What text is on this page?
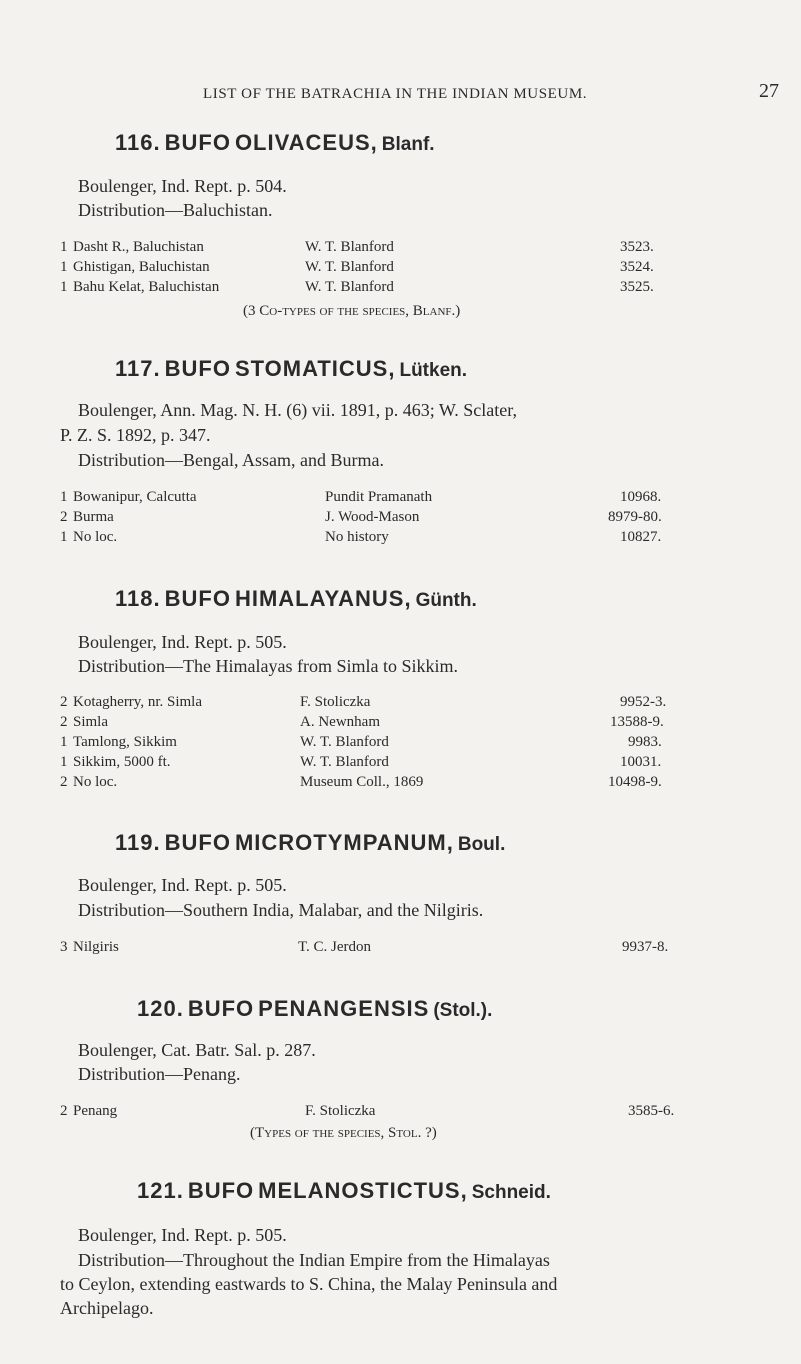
LIST OF THE BATRACHIA IN THE INDIAN MUSEUM.	27
116. BUFO OLIVACEUS, Blanf.
Boulenger, Ind. Rept. p. 504.
Distribution—Baluchistan.
1 Dasht R., Baluchistan	W. T. Blanford	3523.
1 Ghistigan, Baluchistan	W. T. Blanford	3524.
1 Bahu Kelat, Baluchistan	W. T. Blanford	3525.
(3 Co-types of the species, Blanf.)
117. BUFO STOMATICUS, Lütken.
Boulenger, Ann. Mag. N. H. (6) vii. 1891, p. 463; W. Sclater,
P. Z. S. 1892, p. 347.
Distribution—Bengal, Assam, and Burma.
1 Bowanipur, Calcutta	Pundit Pramanath	10968.
2 Burma	J. Wood-Mason	8979-80.
1 No loc.	No history	10827.
118. BUFO HIMALAYANUS, Günth.
Boulenger, Ind. Rept. p. 505.
Distribution—The Himalayas from Simla to Sikkim.
2 Kotagherry, nr. Simla	F. Stoliczka	9952-3.
2 Simla	A. Newnham	13588-9.
1 Tamlong, Sikkim	W. T. Blanford	9983.
1 Sikkim, 5000 ft.	W. T. Blanford	10031.
2 No loc.	Museum Coll., 1869	10498-9.
119. BUFO MICROTYMPANUM, Boul.
Boulenger, Ind. Rept. p. 505.
Distribution—Southern India, Malabar, and the Nilgiris.
3 Nilgiris	T. C. Jerdon	9937-8.
120. BUFO PENANGENSIS (Stol.).
Boulenger, Cat. Batr. Sal. p. 287.
Distribution—Penang.
2 Penang	F. Stoliczka	3585-6.
(Types of the species, Stol. ?)
121. BUFO MELANOSTICTUS, Schneid.
Boulenger, Ind. Rept. p. 505.
Distribution—Throughout the Indian Empire from the Himalayas
to Ceylon, extending eastwards to S. China, the Malay Peninsula and
Archipelago.
